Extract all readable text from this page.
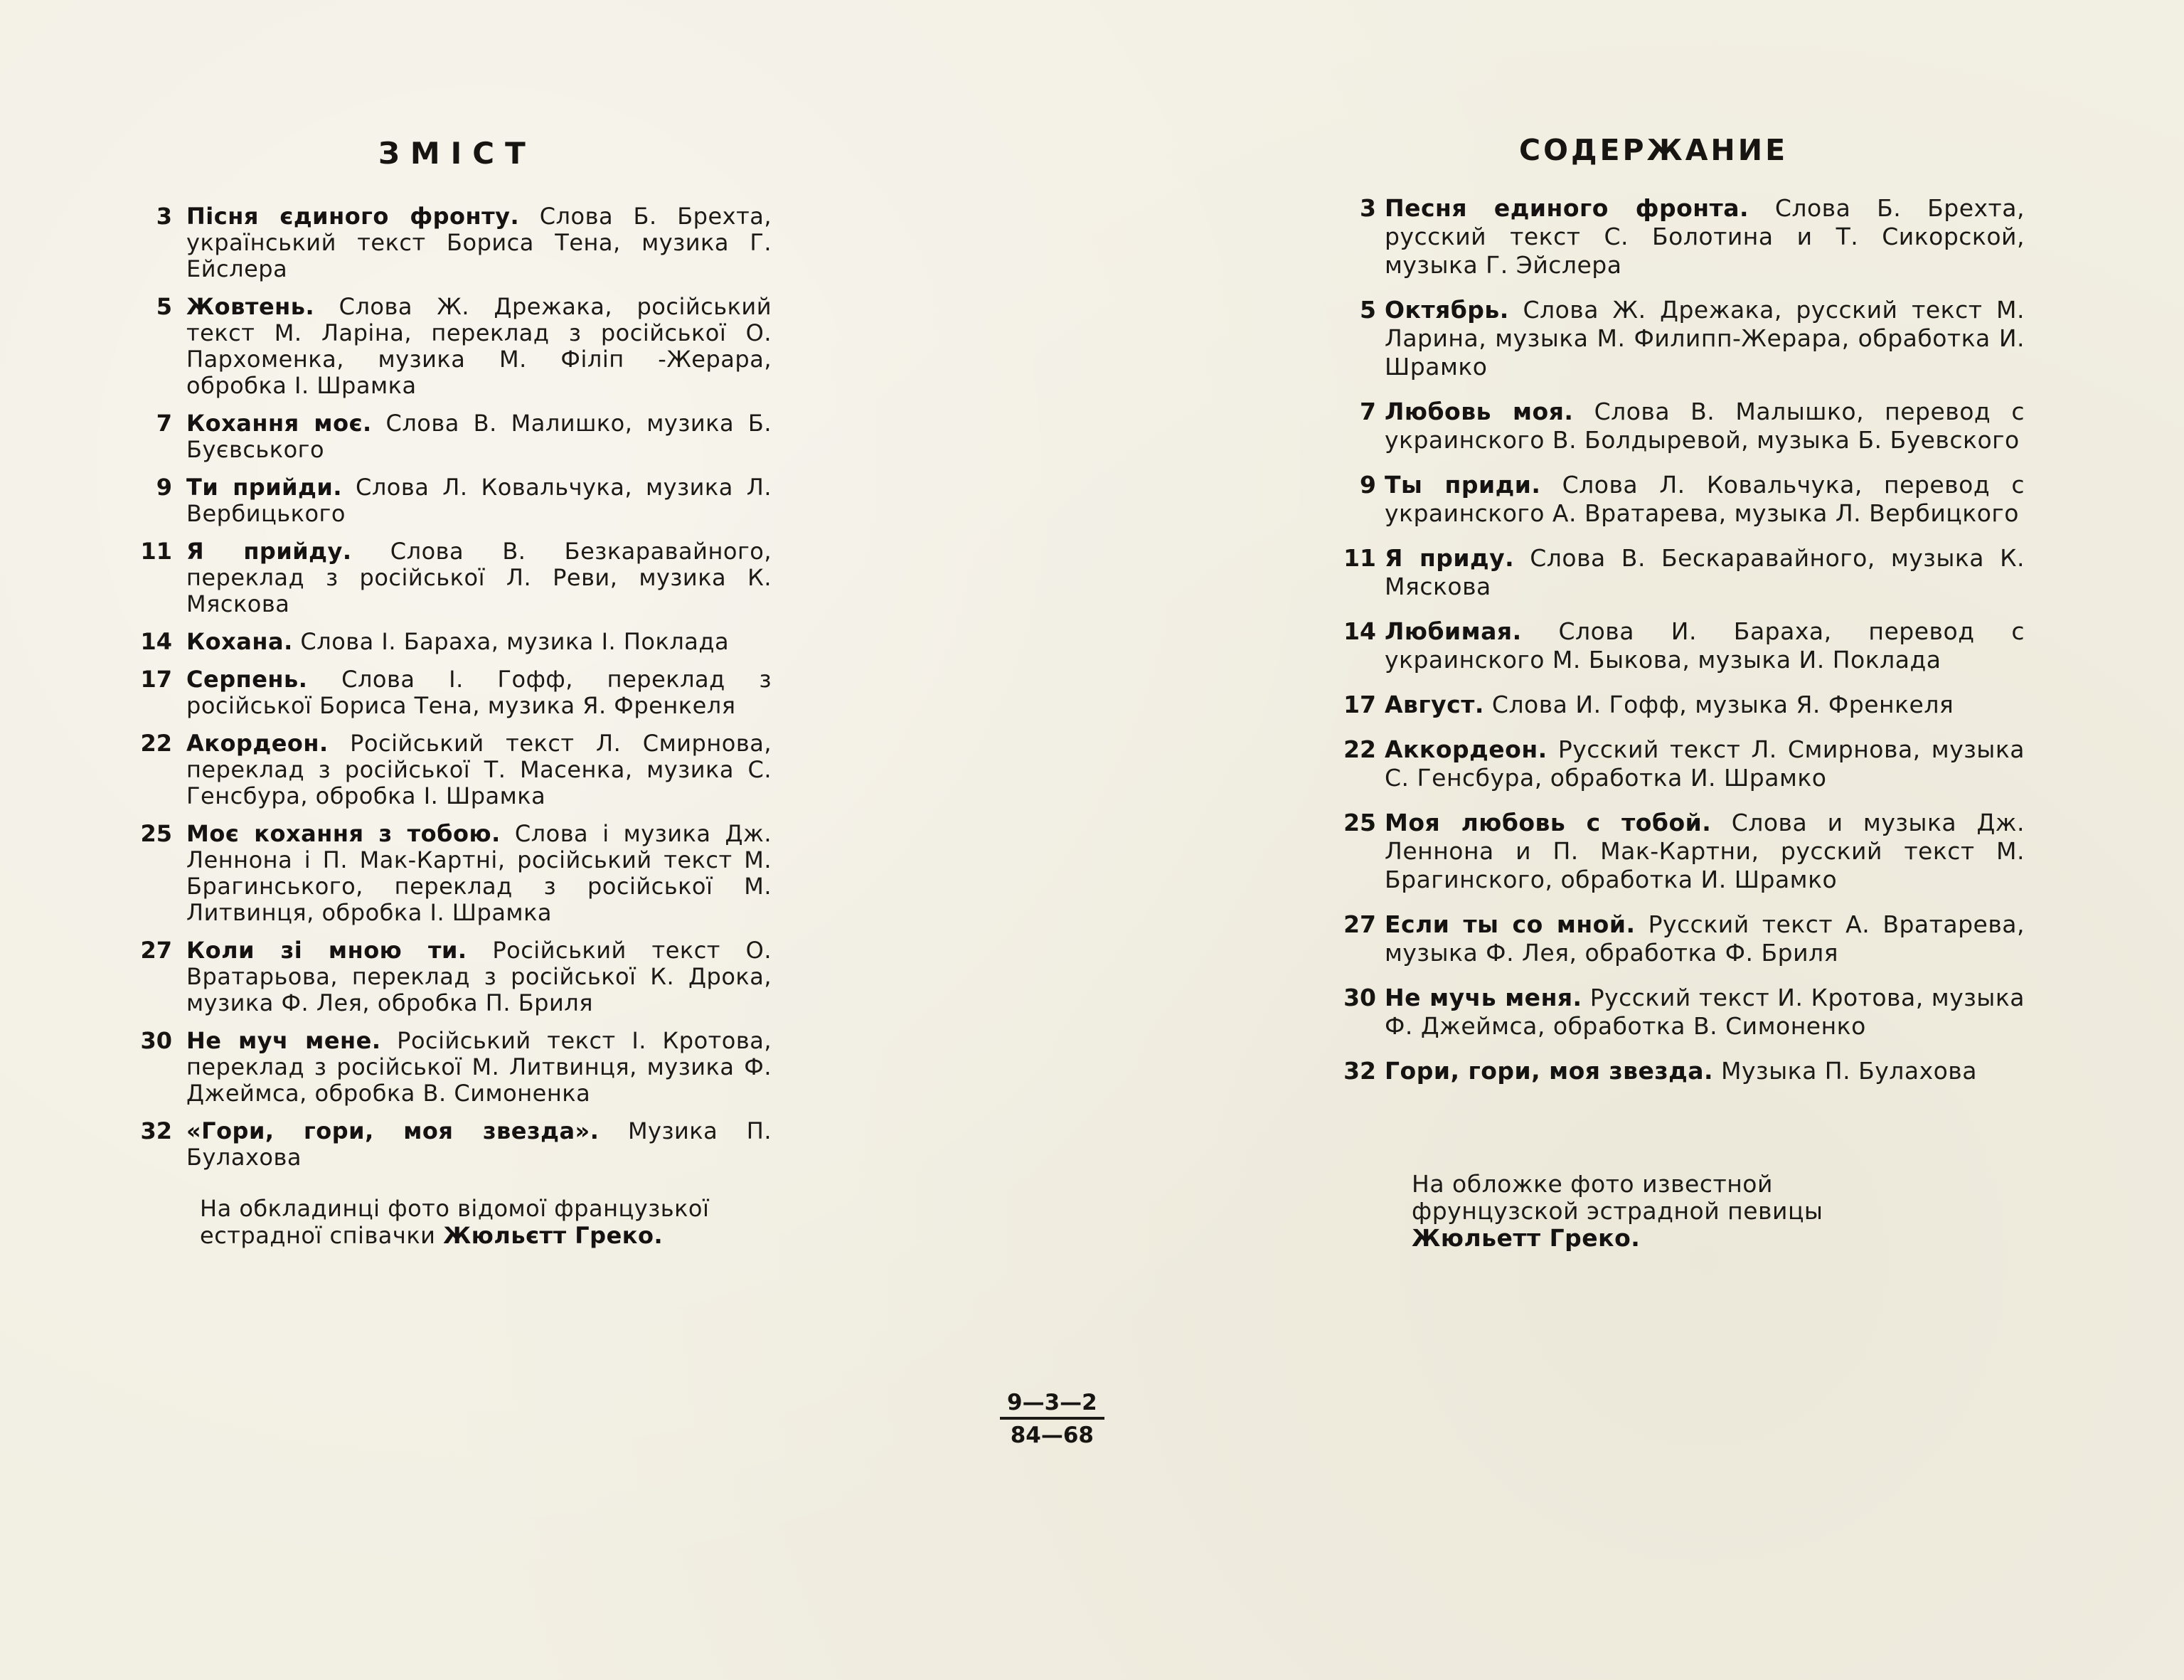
ЗМІСТ
3 Пісня єдиного фронту. Слова Б. Брехта, український текст Бориса Тена, музика Г. Ейслера
5 Жовтень. Слова Ж. Дрежака, російський текст М. Ларіна, переклад з російської О. Пархоменка, музика М. Філіп -Жерара, обробка І. Шрамка
7 Кохання моє. Слова В. Малишко, музика Б. Буєвського
9 Ти прийди. Слова Л. Ковальчука, музика Л. Вербицького
11 Я прийду. Слова В. Безкаравайного, переклад з російської Л. Реви, музика К. Мяскова
14 Кохана. Слова І. Бараха, музика І. Поклада
17 Серпень. Слова І. Гофф, переклад з російської Бориса Тена, музика Я. Френкеля
22 Акордеон. Російський текст Л. Смирнова, переклад з російської Т. Масенка, музика С. Генсбура, обробка І. Шрамка
25 Моє кохання з тобою. Слова і музика Дж. Леннона і П. Мак-Картні, російський текст М. Брагинського, переклад з російської М. Литвинця, обробка І. Шрамка
27 Коли зі мною ти. Російський текст О. Вратарьова, переклад з російської К. Дрока, музика Ф. Лея, обробка П. Бриля
30 Не муч мене. Російський текст І. Кротова, переклад з російської М. Литвинця, музика Ф. Джеймса, обробка В. Симоненка
32 «Гори, гори, моя звезда». Музика П. Булахова

На обкладинці фото відомої французької естрадної співачки Жюльєтт Греко.

СОДЕРЖАНИЕ
3 Песня единого фронта. Слова Б. Брехта, русский текст С. Болотина и Т. Сикорской, музыка Г. Эйслера
5 Октябрь. Слова Ж. Дрежака, русский текст М. Ларина, музыка М. Филипп-Жерара, обработка И. Шрамко
7 Любовь моя. Слова В. Малышко, перевод с украинского В. Болдыревой, музыка Б. Буевского
9 Ты приди. Слова Л. Ковальчука, перевод с украинского А. Вратарева, музыка Л. Вербицкого
11 Я приду. Слова В. Бескаравайного, музыка К. Мяскова
14 Любимая. Слова И. Бараха, перевод с украинского М. Быкова, музыка И. Поклада
17 Август. Слова И. Гофф, музыка Я. Френкеля
22 Аккордеон. Русский текст Л. Смирнова, музыка С. Генсбура, обработка И. Шрамко
25 Моя любовь с тобой. Слова и музыка Дж. Леннона и П. Мак-Картни, русский текст М. Брагинского, обработка И. Шрамко
27 Если ты со мной. Русский текст А. Вратарева, музыка Ф. Лея, обработка Ф. Бриля
30 Не мучь меня. Русский текст И. Кротова, музыка Ф. Джеймса, обработка В. Симоненко
32 Гори, гори, моя звезда. Музыка П. Булахова

На обложке фото известной фрунцузской эстрадной певицы Жюльетт Греко.

9—3—2
84—68
